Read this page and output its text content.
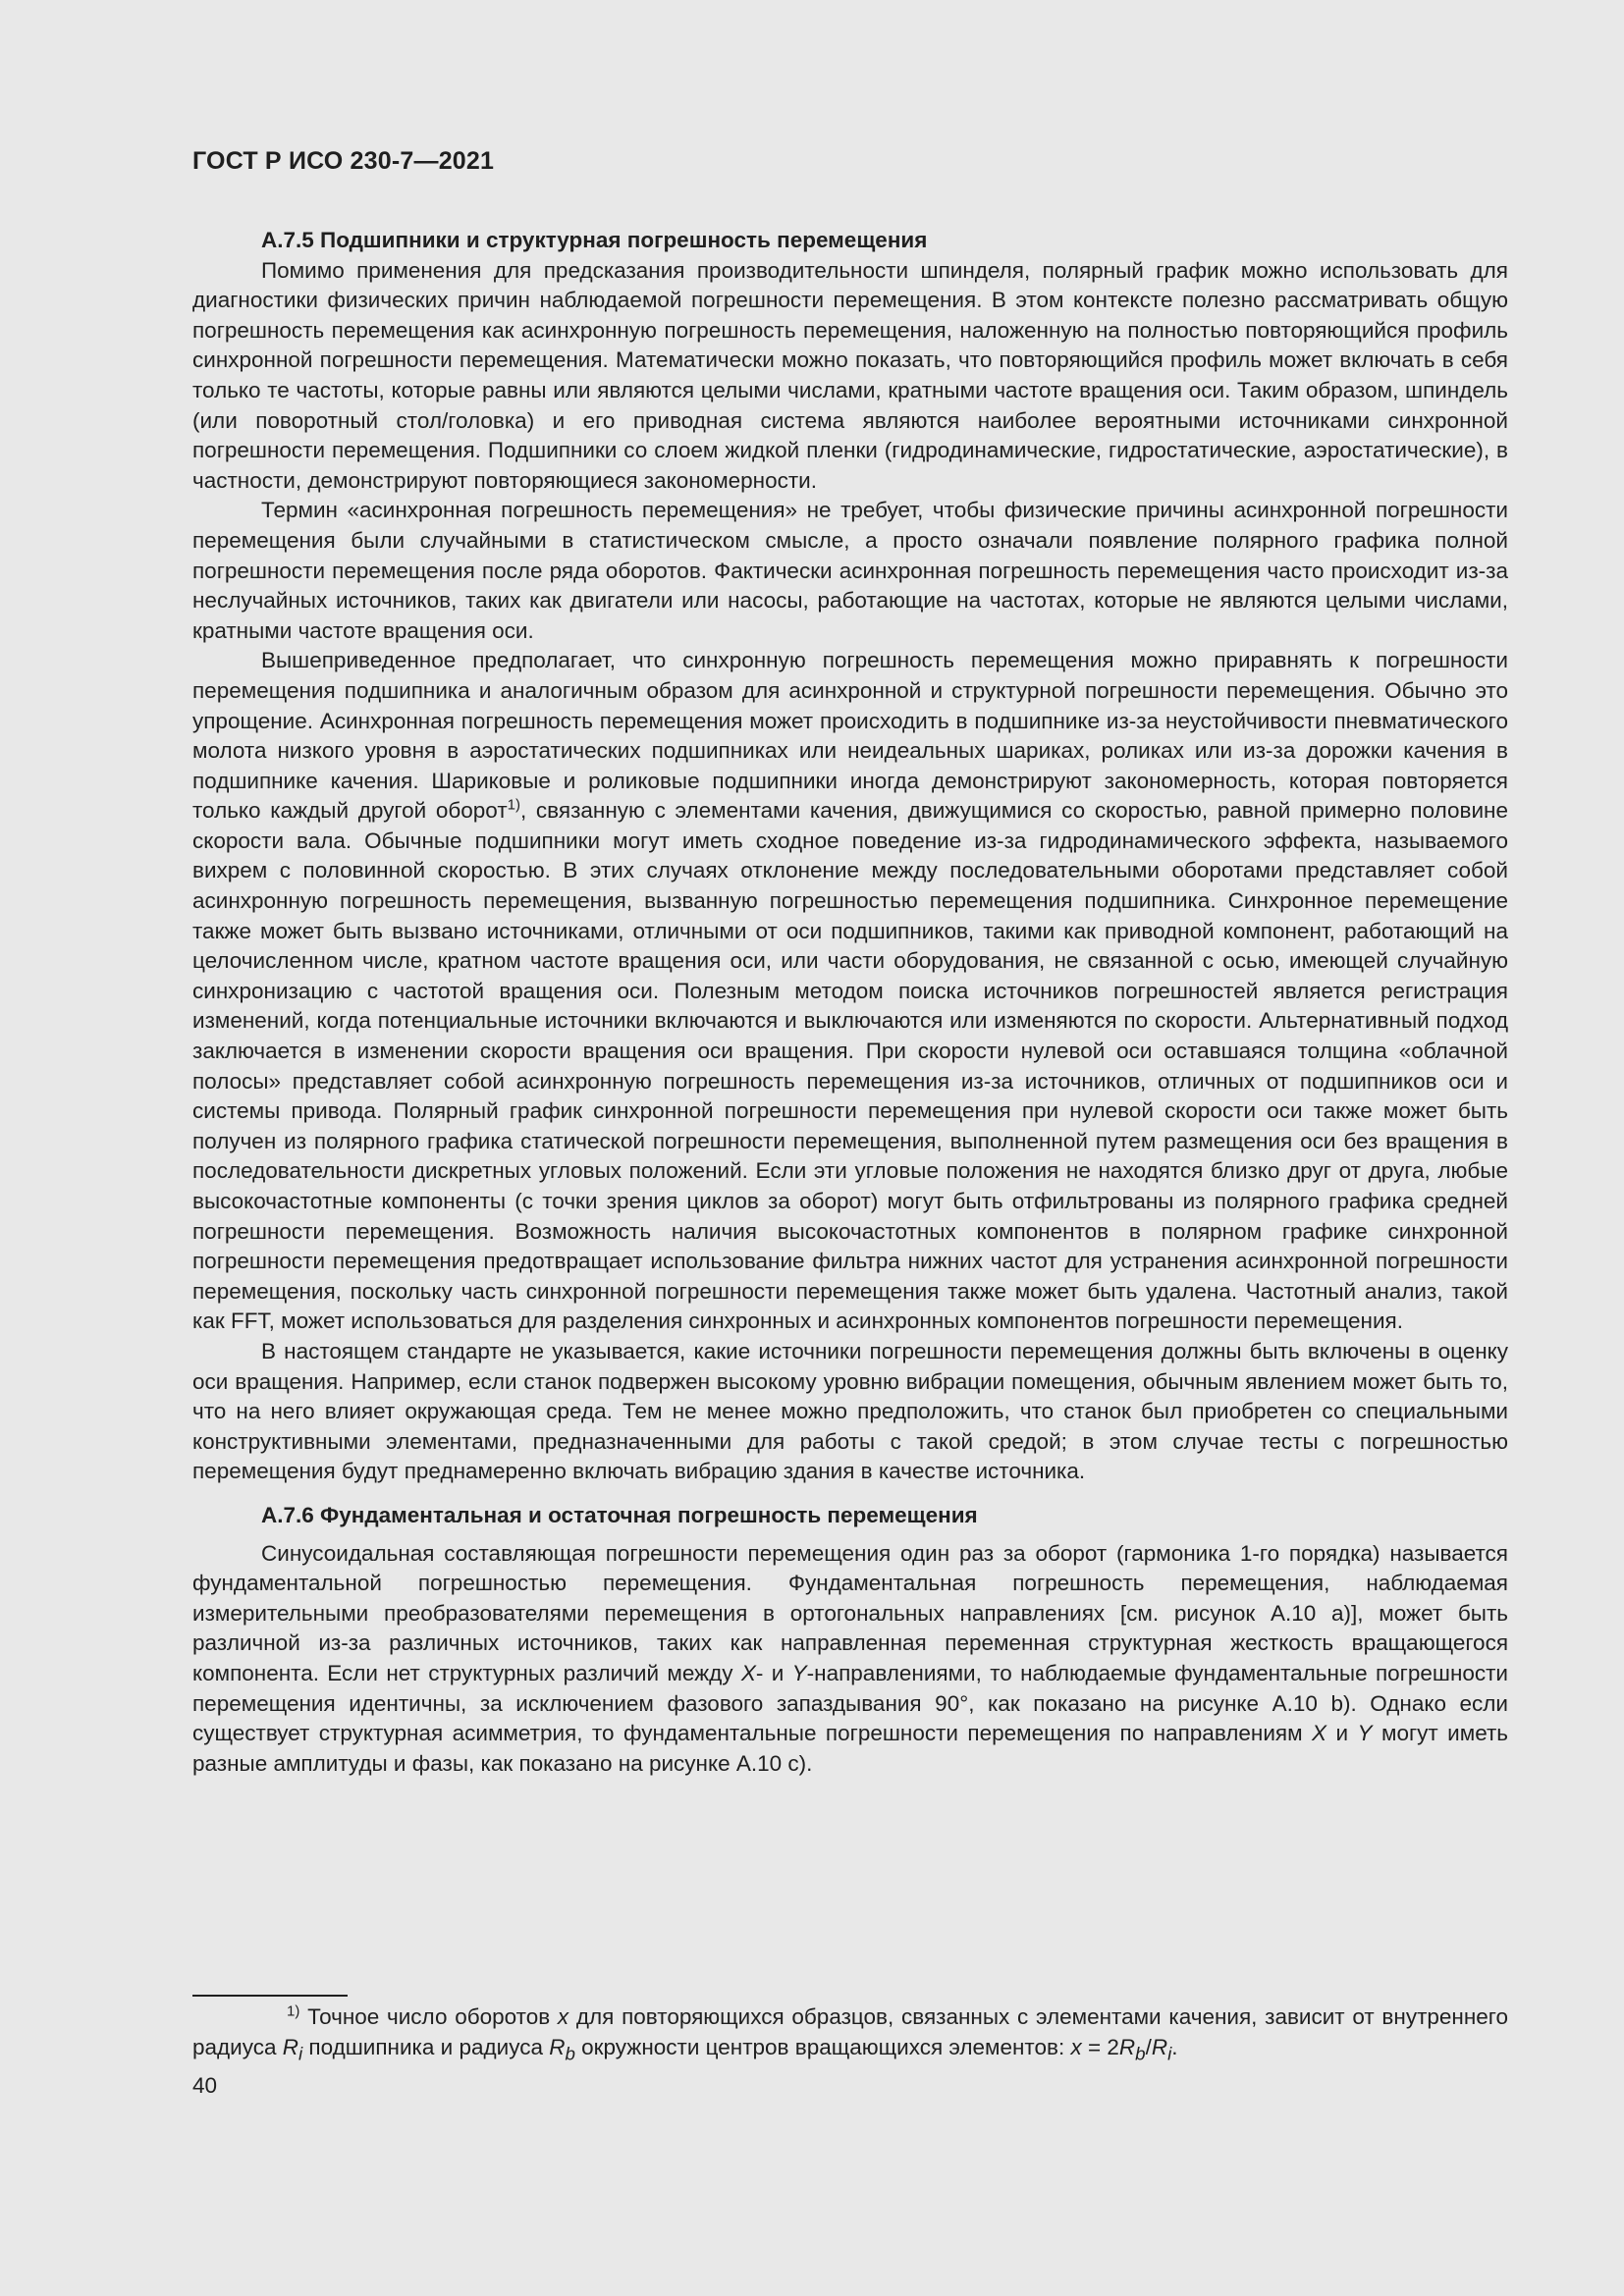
ГОСТ Р ИСО 230-7—2021
А.7.5 Подшипники и структурная погрешность перемещения

Помимо применения для предсказания производительности шпинделя, полярный график можно использовать для диагностики физических причин наблюдаемой погрешности перемещения. В этом контексте полезно рассматривать общую погрешность перемещения как асинхронную погрешность перемещения, наложенную на полностью повторяющийся профиль синхронной погрешности перемещения. Математически можно показать, что повторяющийся профиль может включать в себя только те частоты, которые равны или являются целыми числами, кратными частоте вращения оси. Таким образом, шпиндель (или поворотный стол/головка) и его приводная система являются наиболее вероятными источниками синхронной погрешности перемещения. Подшипники со слоем жидкой пленки (гидродинамические, гидростатические, аэростатические), в частности, демонстрируют повторяющиеся закономерности.

Термин «асинхронная погрешность перемещения» не требует, чтобы физические причины асинхронной погрешности перемещения были случайными в статистическом смысле, а просто означали появление полярного графика полной погрешности перемещения после ряда оборотов. Фактически асинхронная погрешность перемещения часто происходит из-за неслучайных источников, таких как двигатели или насосы, работающие на частотах, которые не являются целыми числами, кратными частоте вращения оси.

Вышеприведенное предполагает, что синхронную погрешность перемещения можно приравнять к погрешности перемещения подшипника и аналогичным образом для асинхронной и структурной погрешности перемещения. Обычно это упрощение. Асинхронная погрешность перемещения может происходить в подшипнике из-за неустойчивости пневматического молота низкого уровня в аэростатических подшипниках или неидеальных шариках, роликах или из-за дорожки качения в подшипнике качения. Шариковые и роликовые подшипники иногда демонстрируют закономерность, которая повторяется только каждый другой оборот$^{1)}$, связанную с элементами качения, движущимися со скоростью, равной примерно половине скорости вала. Обычные подшипники могут иметь сходное поведение из-за гидродинамического эффекта, называемого вихрем с половинной скоростью. В этих случаях отклонение между последовательными оборотами представляет собой асинхронную погрешность перемещения, вызванную погрешностью перемещения подшипника. Синхронное перемещение также может быть вызвано источниками, отличными от оси подшипников, такими как приводной компонент, работающий на целочисленном числе, кратном частоте вращения оси, или части оборудования, не связанной с осью, имеющей случайную синхронизацию с частотой вращения оси. Полезным методом поиска источников погрешностей является регистрация изменений, когда потенциальные источники включаются и выключаются или изменяются по скорости. Альтернативный подход заключается в изменении скорости вращения оси вращения. При скорости нулевой оси оставшаяся толщина «облачной полосы» представляет собой асинхронную погрешность перемещения из-за источников, отличных от подшипников оси и системы привода. Полярный график синхронной погрешности перемещения при нулевой скорости оси также может быть получен из полярного графика статической погрешности перемещения, выполненной путем размещения оси без вращения в последовательности дискретных угловых положений. Если эти угловые положения не находятся близко друг от друга, любые высокочастотные компоненты (с точки зрения циклов за оборот) могут быть отфильтрованы из полярного графика средней погрешности перемещения. Возможность наличия высокочастотных компонентов в полярном графике синхронной погрешности перемещения предотвращает использование фильтра нижних частот для устранения асинхронной погрешности перемещения, поскольку часть синхронной погрешности перемещения также может быть удалена. Частотный анализ, такой как FFT, может использоваться для разделения синхронных и асинхронных компонентов погрешности перемещения.

В настоящем стандарте не указывается, какие источники погрешности перемещения должны быть включены в оценку оси вращения. Например, если станок подвержен высокому уровню вибрации помещения, обычным явлением может быть то, что на него влияет окружающая среда. Тем не менее можно предположить, что станок был приобретен со специальными конструктивными элементами, предназначенными для работы с такой средой; в этом случае тесты с погрешностью перемещения будут преднамеренно включать вибрацию здания в качестве источника.

А.7.6 Фундаментальная и остаточная погрешность перемещения

Синусоидальная составляющая погрешности перемещения один раз за оборот (гармоника 1-го порядка) называется фундаментальной погрешностью перемещения. Фундаментальная погрешность перемещения, наблюдаемая измерительными преобразователями перемещения в ортогональных направлениях [см. рисунок А.10 а)], может быть различной из-за различных источников, таких как направленная переменная структурная жесткость вращающегося компонента. Если нет структурных различий между X- и Y-направлениями, то наблюдаемые фундаментальные погрешности перемещения идентичны, за исключением фазового запаздывания 90°, как показано на рисунке А.10 b). Однако если существует структурная асимметрия, то фундаментальные погрешности перемещения по направлениям X и Y могут иметь разные амплитуды и фазы, как показано на рисунке А.10 с).

$^{1)}$ Точное число оборотов x для повторяющихся образцов, связанных с элементами качения, зависит от внутреннего радиуса $R_i$ подшипника и радиуса $R_b$ окружности центров вращающихся элементов: $x = 2R_b/R_i$.

40
